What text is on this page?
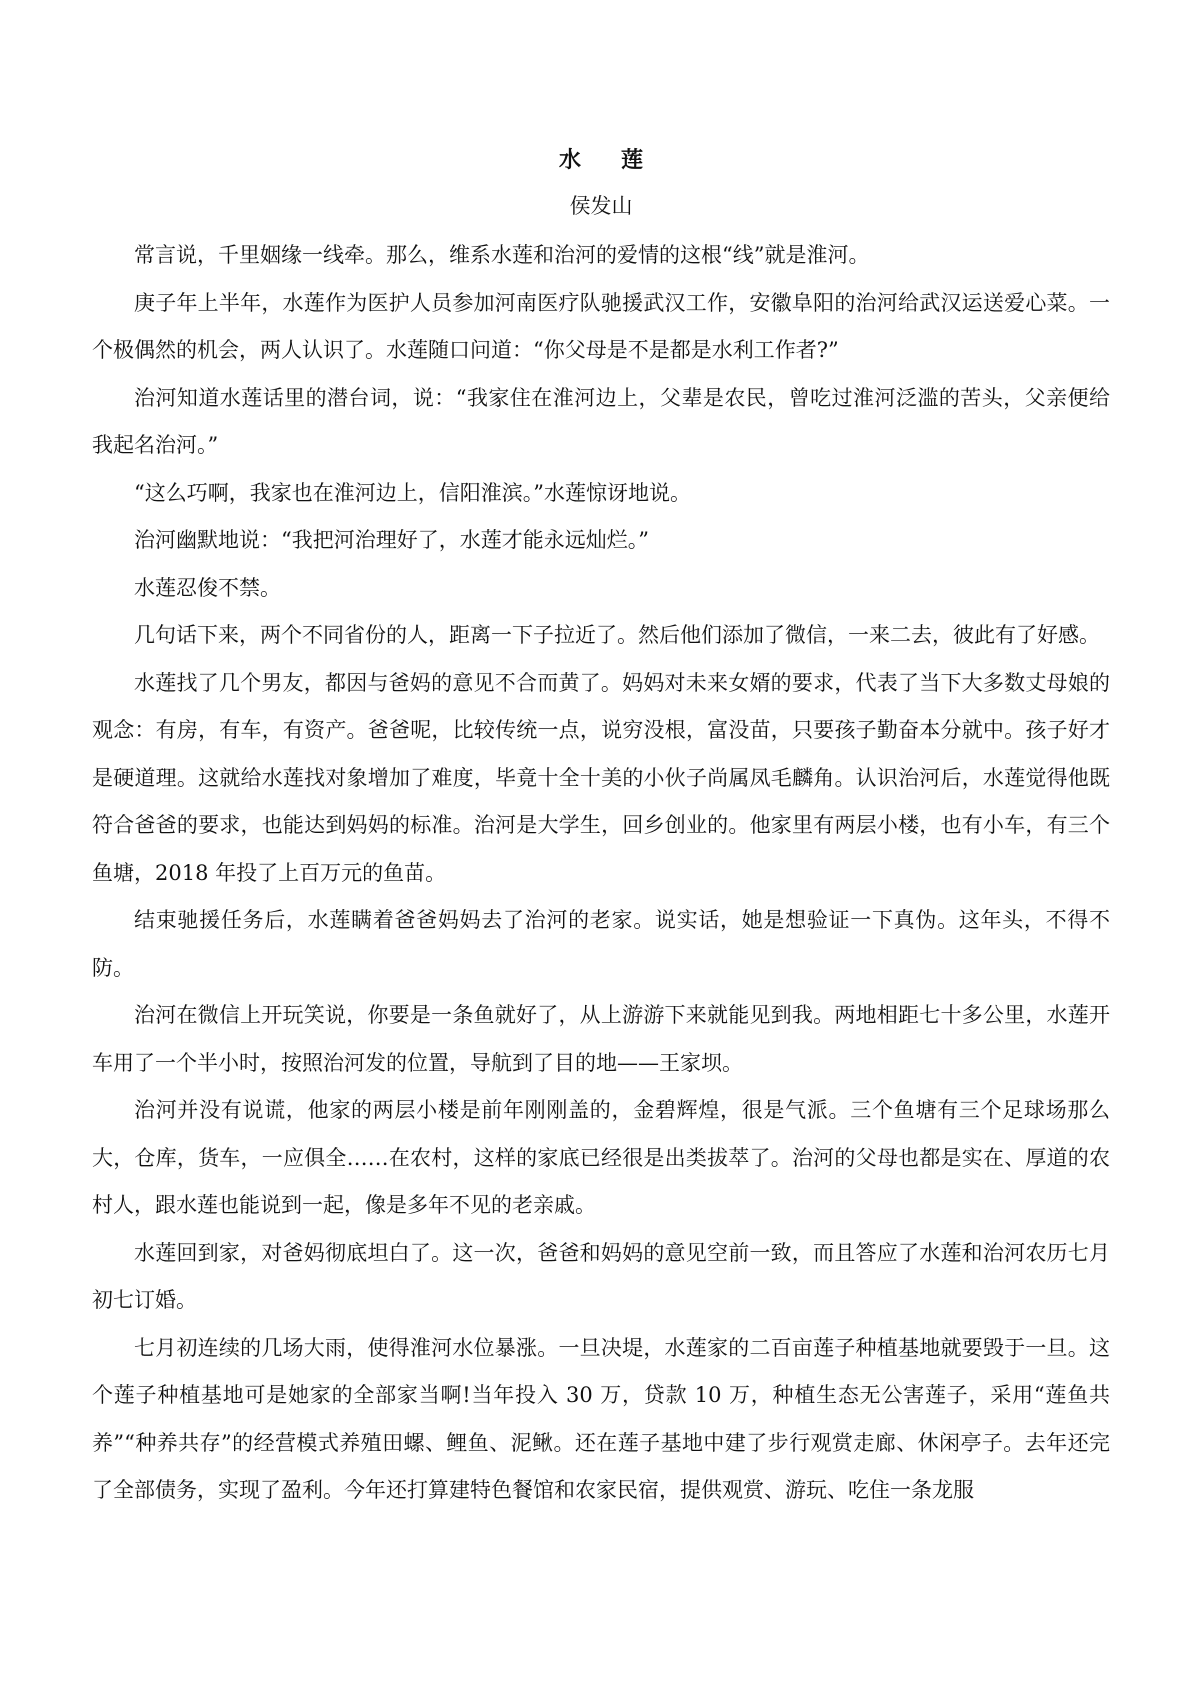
水 莲
侯发山

常言说，千里姻缘一线牵。那么，维系水莲和治河的爱情的这根“线”就是淮河。

庚子年上半年，水莲作为医护人员参加河南医疗队驰援武汉工作，安徽阜阳的治河给武汉运送爱心菜。一个极偶然的机会，两人认识了。水莲随口问道：“你父母是不是都是水利工作者?”

治河知道水莲话里的潜台词，说：“我家住在淮河边上，父辈是农民，曾吃过淮河泛滥的苦头，父亲便给我起名治河。”

“这么巧啊，我家也在淮河边上，信阳淮滨。”水莲惊讶地说。

治河幽默地说：“我把河治理好了，水莲才能永远灿烂。”

水莲忍俊不禁。

几句话下来，两个不同省份的人，距离一下子拉近了。然后他们添加了微信，一来二去，彼此有了好感。

水莲找了几个男友，都因与爸妈的意见不合而黄了。妈妈对未来女婿的要求，代表了当下大多数丈母娘的观念：有房，有车，有资产。爸爸呢，比较传统一点，说穷没根，富没苗，只要孩子勤奋本分就中。孩子好才是硬道理。这就给水莲找对象增加了难度，毕竟十全十美的小伙子尚属凤毛麟角。认识治河后，水莲觉得他既符合爸爸的要求，也能达到妈妈的标准。治河是大学生，回乡创业的。他家里有两层小楼，也有小车，有三个鱼塘，2018 年投了上百万元的鱼苗。

结束驰援任务后，水莲瞒着爸爸妈妈去了治河的老家。说实话，她是想验证一下真伪。这年头，不得不防。

治河在微信上开玩笑说，你要是一条鱼就好了，从上游游下来就能见到我。两地相距七十多公里，水莲开车用了一个半小时，按照治河发的位置，导航到了目的地——王家坝。

治河并没有说谎，他家的两层小楼是前年刚刚盖的，金碧辉煌，很是气派。三个鱼塘有三个足球场那么大，仓库，货车，一应俱全……在农村，这样的家底已经很是出类拔萃了。治河的父母也都是实在、厚道的农村人，跟水莲也能说到一起，像是多年不见的老亲戚。

水莲回到家，对爸妈彻底坦白了。这一次，爸爸和妈妈的意见空前一致，而且答应了水莲和治河农历七月初七订婚。

七月初连续的几场大雨，使得淮河水位暴涨。一旦决堤，水莲家的二百亩莲子种植基地就要毁于一旦。这个莲子种植基地可是她家的全部家当啊!当年投入 30 万，贷款 10 万，种植生态无公害莲子，采用“莲鱼共养”“种养共存”的经营模式养殖田螺、鲤鱼、泥鳅。还在莲子基地中建了步行观赏走廊、休闲亭子。去年还完了全部债务，实现了盈利。今年还打算建特色餐馆和农家民宿，提供观赏、游玩、吃住一条龙服
